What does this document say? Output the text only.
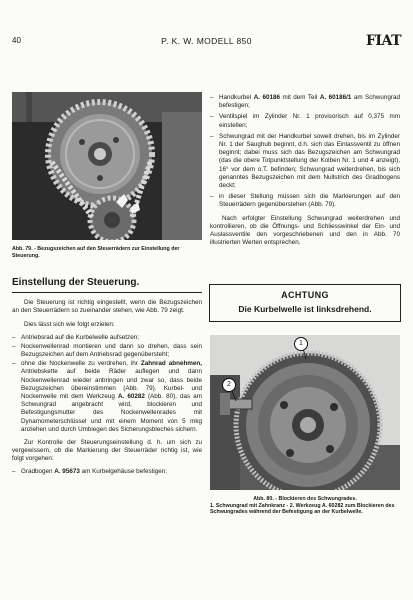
40	P. K. W. MODELL 850	FIAT
Abb. 79. - Bezugszeichen auf den Steuerrädern zur Einstellung der Steuerung.
Einstellung der Steuerung.

Die Steuerung ist richtig eingestellt, wenn die Bezugszeichen an den Steuerrädern so zueinander stehen, wie Abb. 79 zeigt.

Dies lässt sich wie folgt erzielen:

– Antriebsrad auf die Kurbelwelle aufsetzen;
– Nockenwellenrad montieren und dann so drehen, dass sein Bezugszeichen auf dem Antriebsrad gegenübersteht;
– ohne die Nockenwelle zu verdrehen, ihr Zahnrad abnehmen, Antriebskette auf beide Räder auflegen und dann Nockenwellenrad wieder anbringen und zwar so, dass beide Bezugszeichen übereinstimmen (Abb. 79). Kurbel- und Nockenwelle mit dem Werkzeug A. 60282 (Abb. 80), das am Schwungrad angebracht wird, blockieren und Befestigungsmutter des Nockenwellenrades mit Dynamometerschlüssel und mit einem Moment von 5 mkg anziehen und durch Umbiegen des Sicherungsbleches sichern.

Zur Kontrolle der Steuerungseinstellung d. h. um sich zu vergewissern, ob die Markierung der Steuerräder richtig ist, wie folgt vorgehen:

– Gradbogen A. 95673 am Kurbelgehäuse befestigen;
– Handkurbel A. 60186 mit dem Teil A. 60186/1 am Schwungrad befestigen;
– Ventilspiel im Zylinder Nr. 1 provisorisch auf 0,375 mm einstellen;
– Schwungrad mit der Handkurbel soweit drehen, bis im Zylinder Nr. 1 der Saughub beginnt, d.h. sich das Einlassventil zu öffnen beginnt; dabei muss sich das Bezugszeichen am Schwungrad (das die obere Totpunktstellung der Kolben Nr. 1 und 4 anzeigt), 16° vor dem o.T. befinden; Schwungrad weiterdrehen, bis sich genanntes Bezugszeichen mit dem Nullstrich des Gradbogens deckt;
– in dieser Stellung müssen sich die Markierungen auf den Steuerrädern gegenüberstehen (Abb. 79).

Nach erfolgter Einstellung Schwungrad weiterdrehen und kontrollieren, ob die Öffnungs- und Schliesswinkel der Ein- und Auslassventile den vorgeschriebenen und den in Abb. 70 illustrierten Werten entsprechen.

ACHTUNG
Die Kurbelwelle ist linksdrehend.
1
2
Abb. 80. - Blockieren des Schwungrades.
1. Schwungrad mit Zahnkranz - 2. Werkzeug A. 60282 zum Blockieren des Schwungrades während der Befestigung an der Kurbelwelle.
